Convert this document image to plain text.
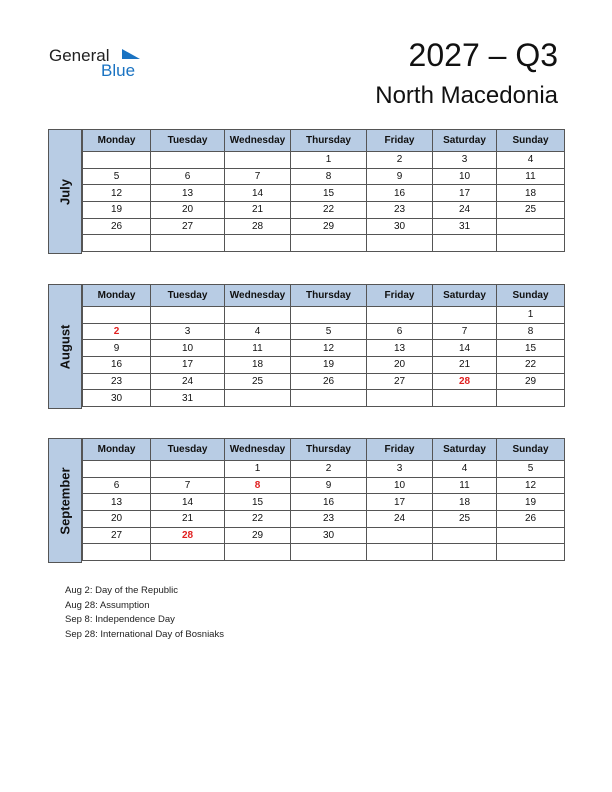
General
Blue	2027 – Q3
North Macedonia
July
Monday	Tuesday	Wednesday	Thursday	Friday	Saturday	Sunday
			1	2	3	4
5	6	7	8	9	10	11
12	13	14	15	16	17	18
19	20	21	22	23	24	25
26	27	28	29	30	31	

August
Monday	Tuesday	Wednesday	Thursday	Friday	Saturday	Sunday
						1
2	3	4	5	6	7	8
9	10	11	12	13	14	15
16	17	18	19	20	21	22
23	24	25	26	27	28	29
30	31					
September
Monday	Tuesday	Wednesday	Thursday	Friday	Saturday	Sunday
		1	2	3	4	5
6	7	8	9	10	11	12
13	14	15	16	17	18	19
20	21	22	23	24	25	26
27	28	29	30			

Aug 2: Day of the Republic
Aug 28: Assumption
Sep 8: Independence Day
Sep 28: International Day of Bosniaks
